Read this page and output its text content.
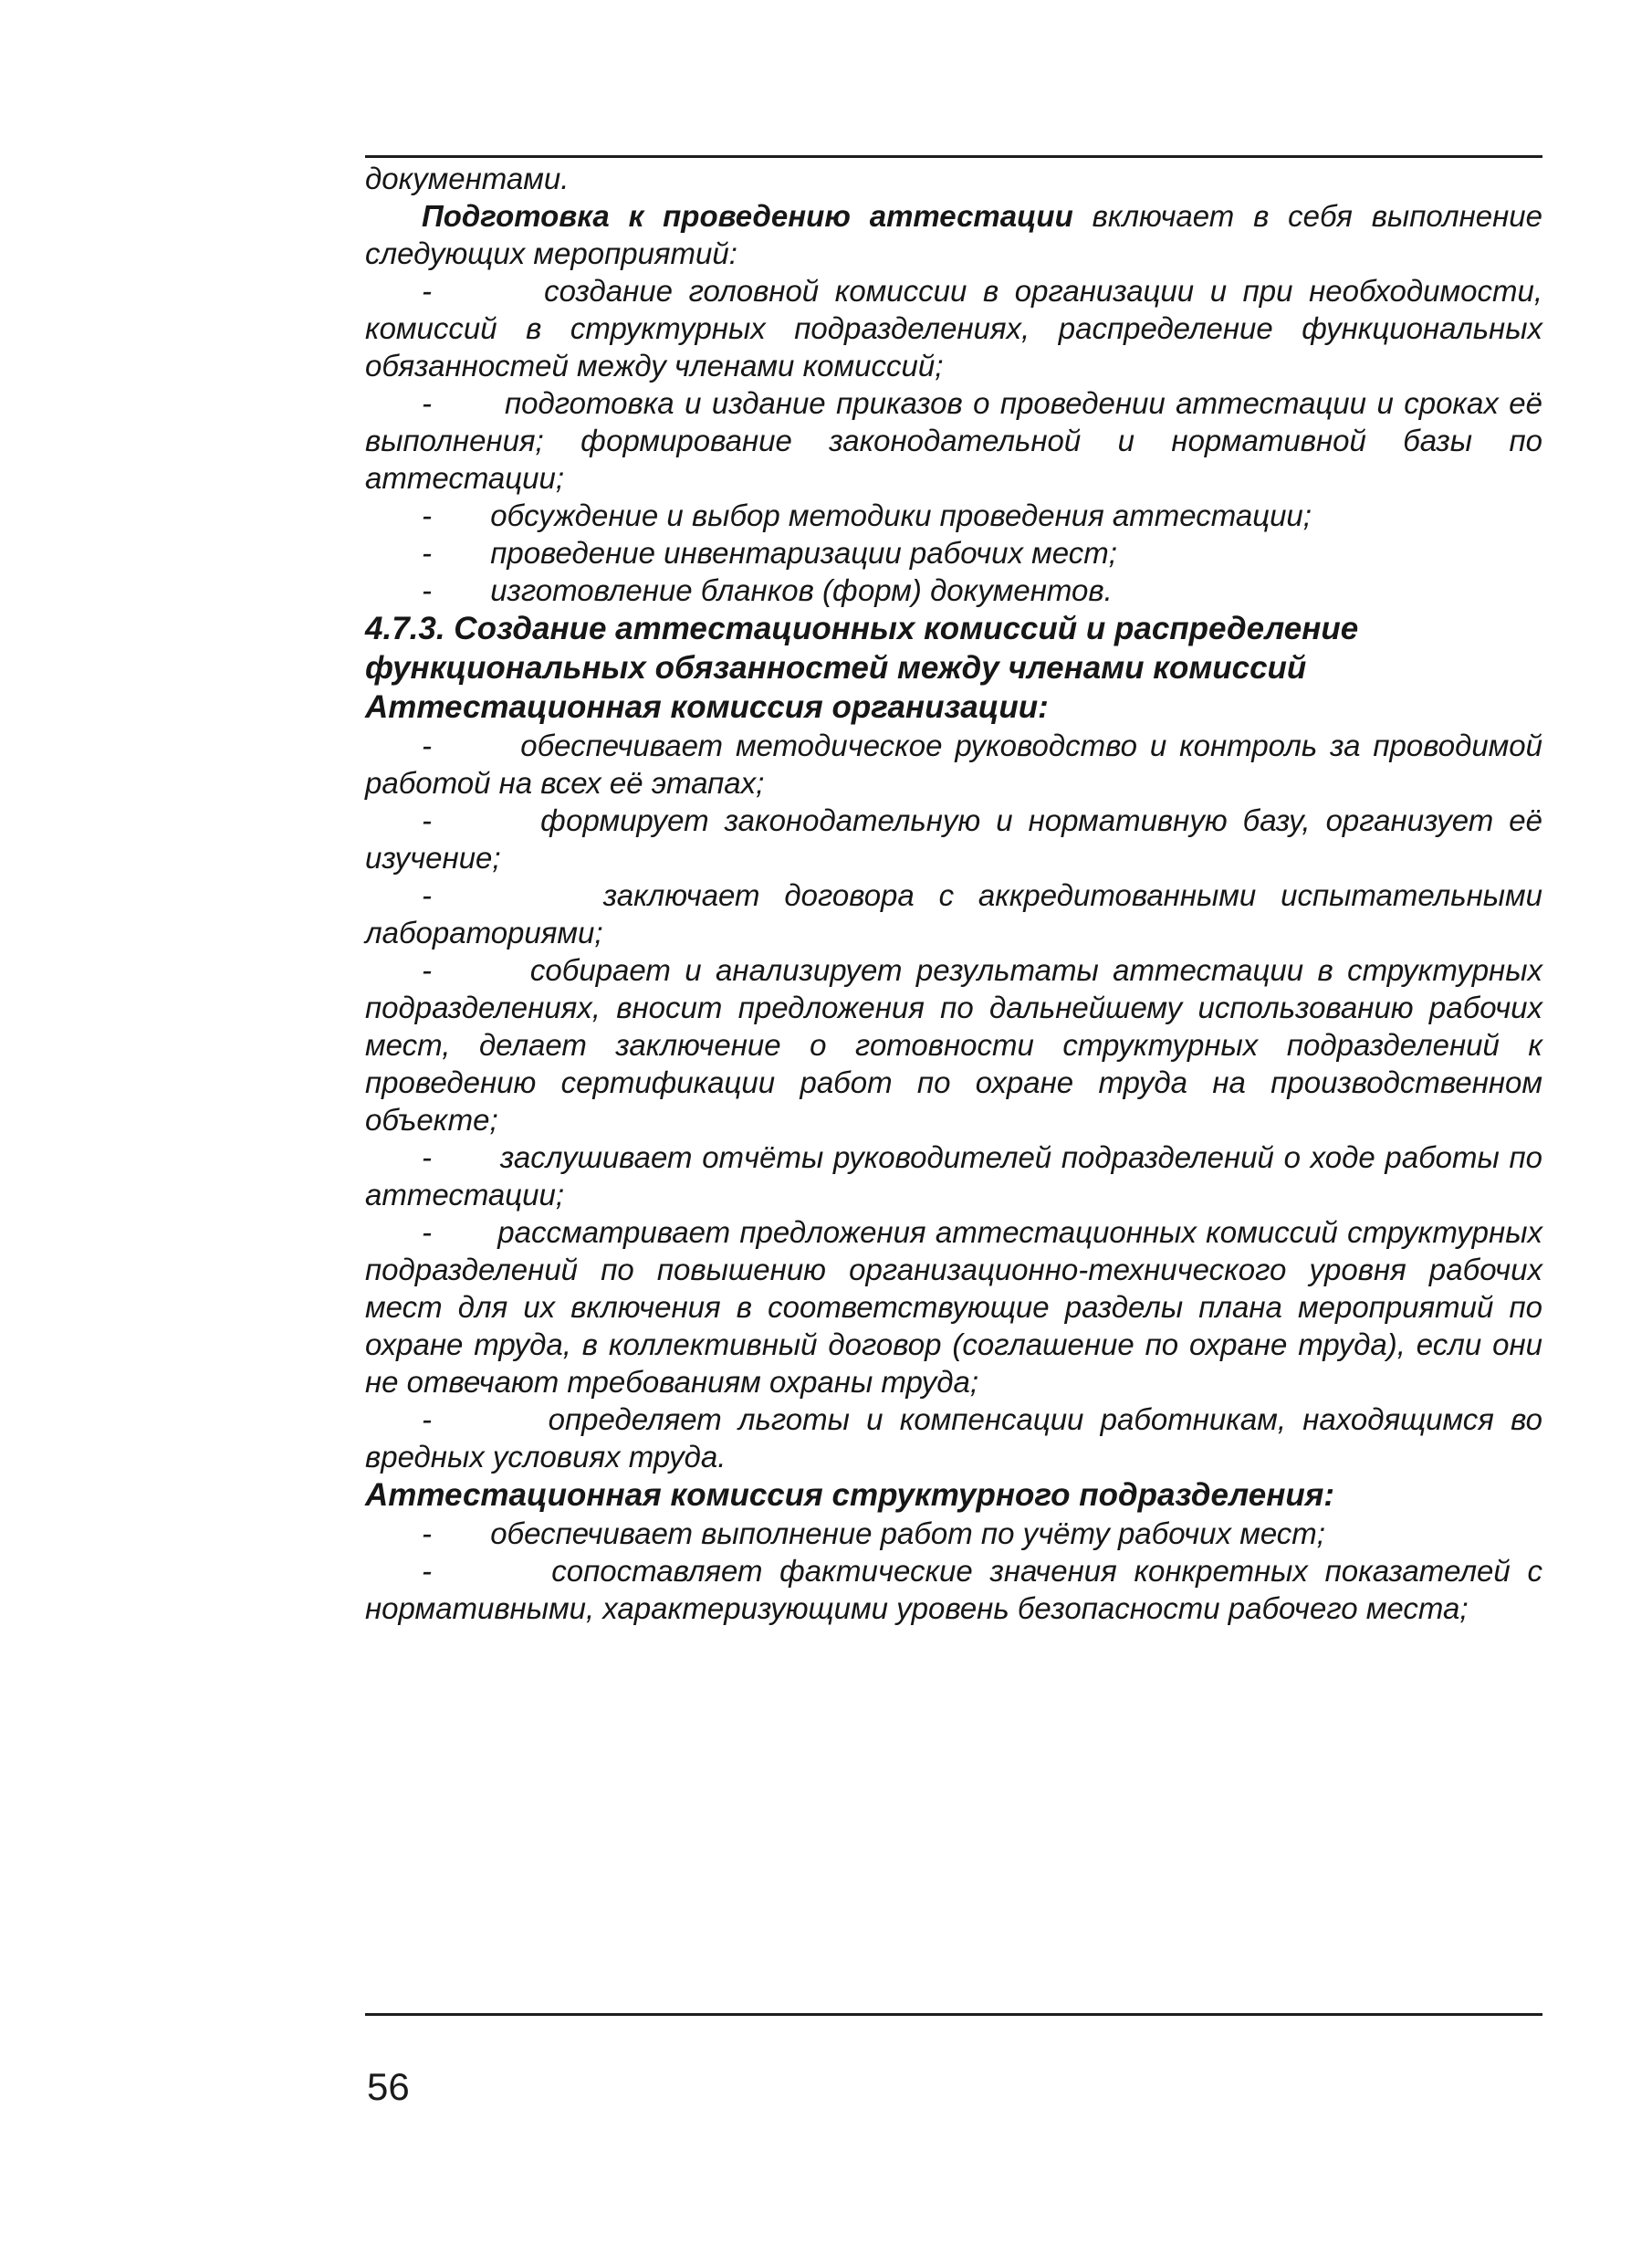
документами.

Подготовка к проведению аттестации включает в себя выполнение следующих мероприятий:

-	создание головной комиссии в организации и при необходимости, комиссий в структурных подразделениях, распределение функциональных обязанностей между членами комиссий;

- подготовка и издание приказов о проведении аттестации и сроках её выполнения; формирование законодательной и нормативной базы по аттестации;

- обсуждение и выбор методики проведения аттестации;

- проведение инвентаризации рабочих мест;

- изготовление бланков (форм) документов.

4.7.3. Создание аттестационных комиссий и распределение
функциональных обязанностей между членами комиссий

Аттестационная комиссия организации:

-	обеспечивает методическое руководство и контроль за проводимой работой на всех её этапах;

-	формирует законодательную и нормативную базу, организует её изучение;

-	заключает договора с аккредитованными испытательными лабораториями;

-	собирает и анализирует результаты аттестации в структурных подразделениях, вносит предложения по дальнейшему использованию рабочих мест, делает заключение о готовности структурных подразделений к проведению сертификации работ по охране труда на производственном объекте;

- заслушивает отчёты руководителей подразделений о ходе работы по аттестации;

- рассматривает предложения аттестационных комиссий структурных подразделений по повышению организационно-технического уровня рабочих мест для их включения в соответствующие разделы плана мероприятий по охране труда, в коллективный договор (соглашение по охране труда), если они не отвечают требованиям охраны труда;

-	определяет льготы и компенсации работникам, находящимся во вредных условиях труда.

Аттестационная комиссия структурного подразделения:

- обеспечивает выполнение работ по учёту рабочих мест;

-	сопоставляет фактические значения конкретных показателей с нормативными, характеризующими уровень безопасности рабочего места;

56
